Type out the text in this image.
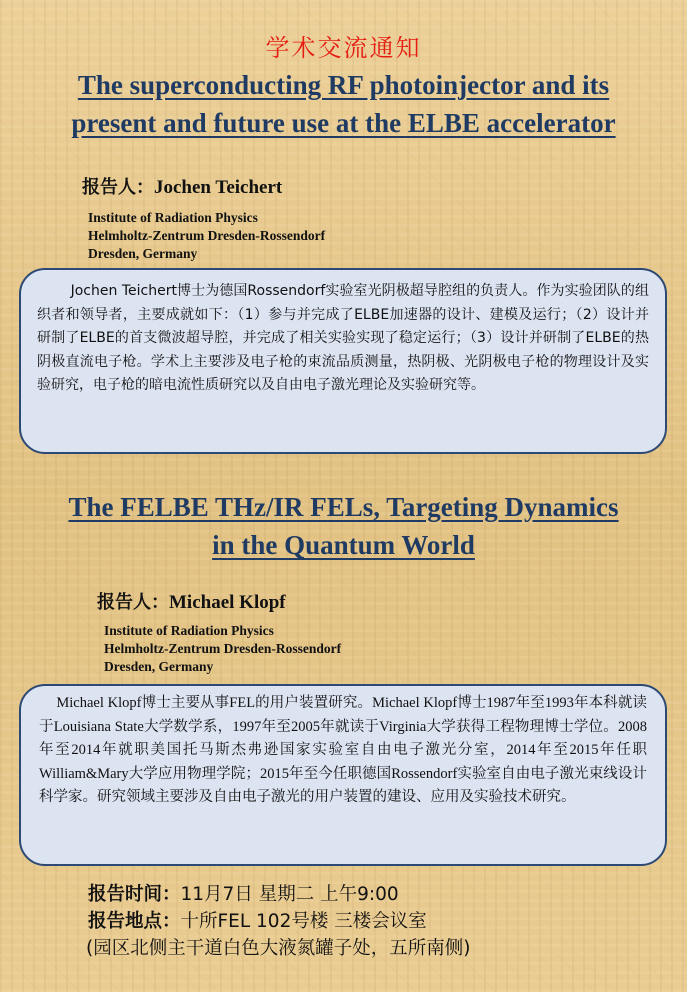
学术交流通知
The superconducting RF photoinjector and its
present and future use at the ELBE accelerator
报告人：Jochen Teichert
Institute of Radiation Physics
Helmholtz-Zentrum Dresden-Rossendorf
Dresden, Germany

Jochen Teichert博士为德国Rossendorf实验室光阴极超导腔组的负责人。作为实验团队的组织者和领导者，主要成就如下：（1）参与并完成了ELBE加速器的设计、建模及运行；（2）设计并研制了ELBE的首支微波超导腔，并完成了相关实验实现了稳定运行；（3）设计并研制了ELBE的热阴极直流电子枪。学术上主要涉及电子枪的束流品质测量，热阴极、光阴极电子枪的物理设计及实验研究，电子枪的暗电流性质研究以及自由电子激光理论及实验研究等。

The FELBE THz/IR FELs, Targeting Dynamics
in the Quantum World
报告人：Michael Klopf
Institute of Radiation Physics
Helmholtz-Zentrum Dresden-Rossendorf
Dresden, Germany

Michael Klopf博士主要从事FEL的用户装置研究。Michael Klopf博士1987年至1993年本科就读于Louisiana State大学数学系，1997年至2005年就读于Virginia大学获得工程物理博士学位。2008年至2014年就职美国托马斯杰弗逊国家实验室自由电子激光分室，2014年至2015年任职William&Mary大学应用物理学院；2015年至今任职德国Rossendorf实验室自由电子激光束线设计科学家。研究领域主要涉及自由电子激光的用户装置的建设、应用及实验技术研究。

报告时间：11月7日 星期二 上午9:00
报告地点：十所FEL 102号楼 三楼会议室
(园区北侧主干道白色大液氮罐子处，五所南侧)
